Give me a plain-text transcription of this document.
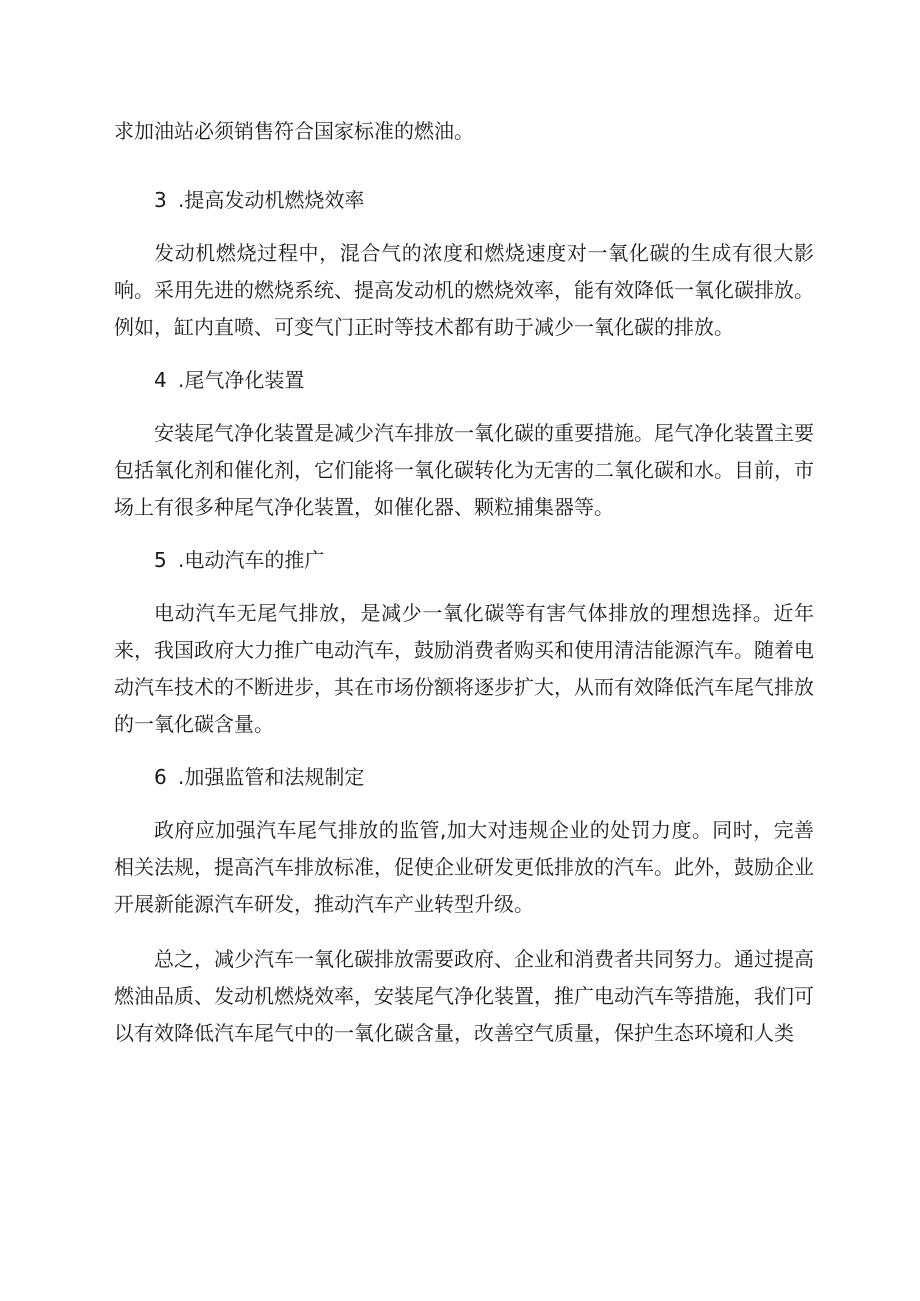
求加油站必须销售符合国家标准的燃油。

3 .提高发动机燃烧效率

发动机燃烧过程中，混合气的浓度和燃烧速度对一氧化碳的生成有很大影响。采用先进的燃烧系统、提高发动机的燃烧效率，能有效降低一氧化碳排放。例如，缸内直喷、可变气门正时等技术都有助于减少一氧化碳的排放。

4 .尾气净化装置

安装尾气净化装置是减少汽车排放一氧化碳的重要措施。尾气净化装置主要包括氧化剂和催化剂，它们能将一氧化碳转化为无害的二氧化碳和水。目前，市场上有很多种尾气净化装置，如催化器、颗粒捕集器等。

5 .电动汽车的推广

电动汽车无尾气排放，是减少一氧化碳等有害气体排放的理想选择。近年来，我国政府大力推广电动汽车，鼓励消费者购买和使用清洁能源汽车。随着电动汽车技术的不断进步，其在市场份额将逐步扩大，从而有效降低汽车尾气排放的一氧化碳含量。

6 .加强监管和法规制定

政府应加强汽车尾气排放的监管,加大对违规企业的处罚力度。同时，完善相关法规，提高汽车排放标准，促使企业研发更低排放的汽车。此外，鼓励企业开展新能源汽车研发，推动汽车产业转型升级。

总之，减少汽车一氧化碳排放需要政府、企业和消费者共同努力。通过提高燃油品质、发动机燃烧效率，安装尾气净化装置，推广电动汽车等措施，我们可以有效降低汽车尾气中的一氧化碳含量，改善空气质量，保护生态环境和人类
